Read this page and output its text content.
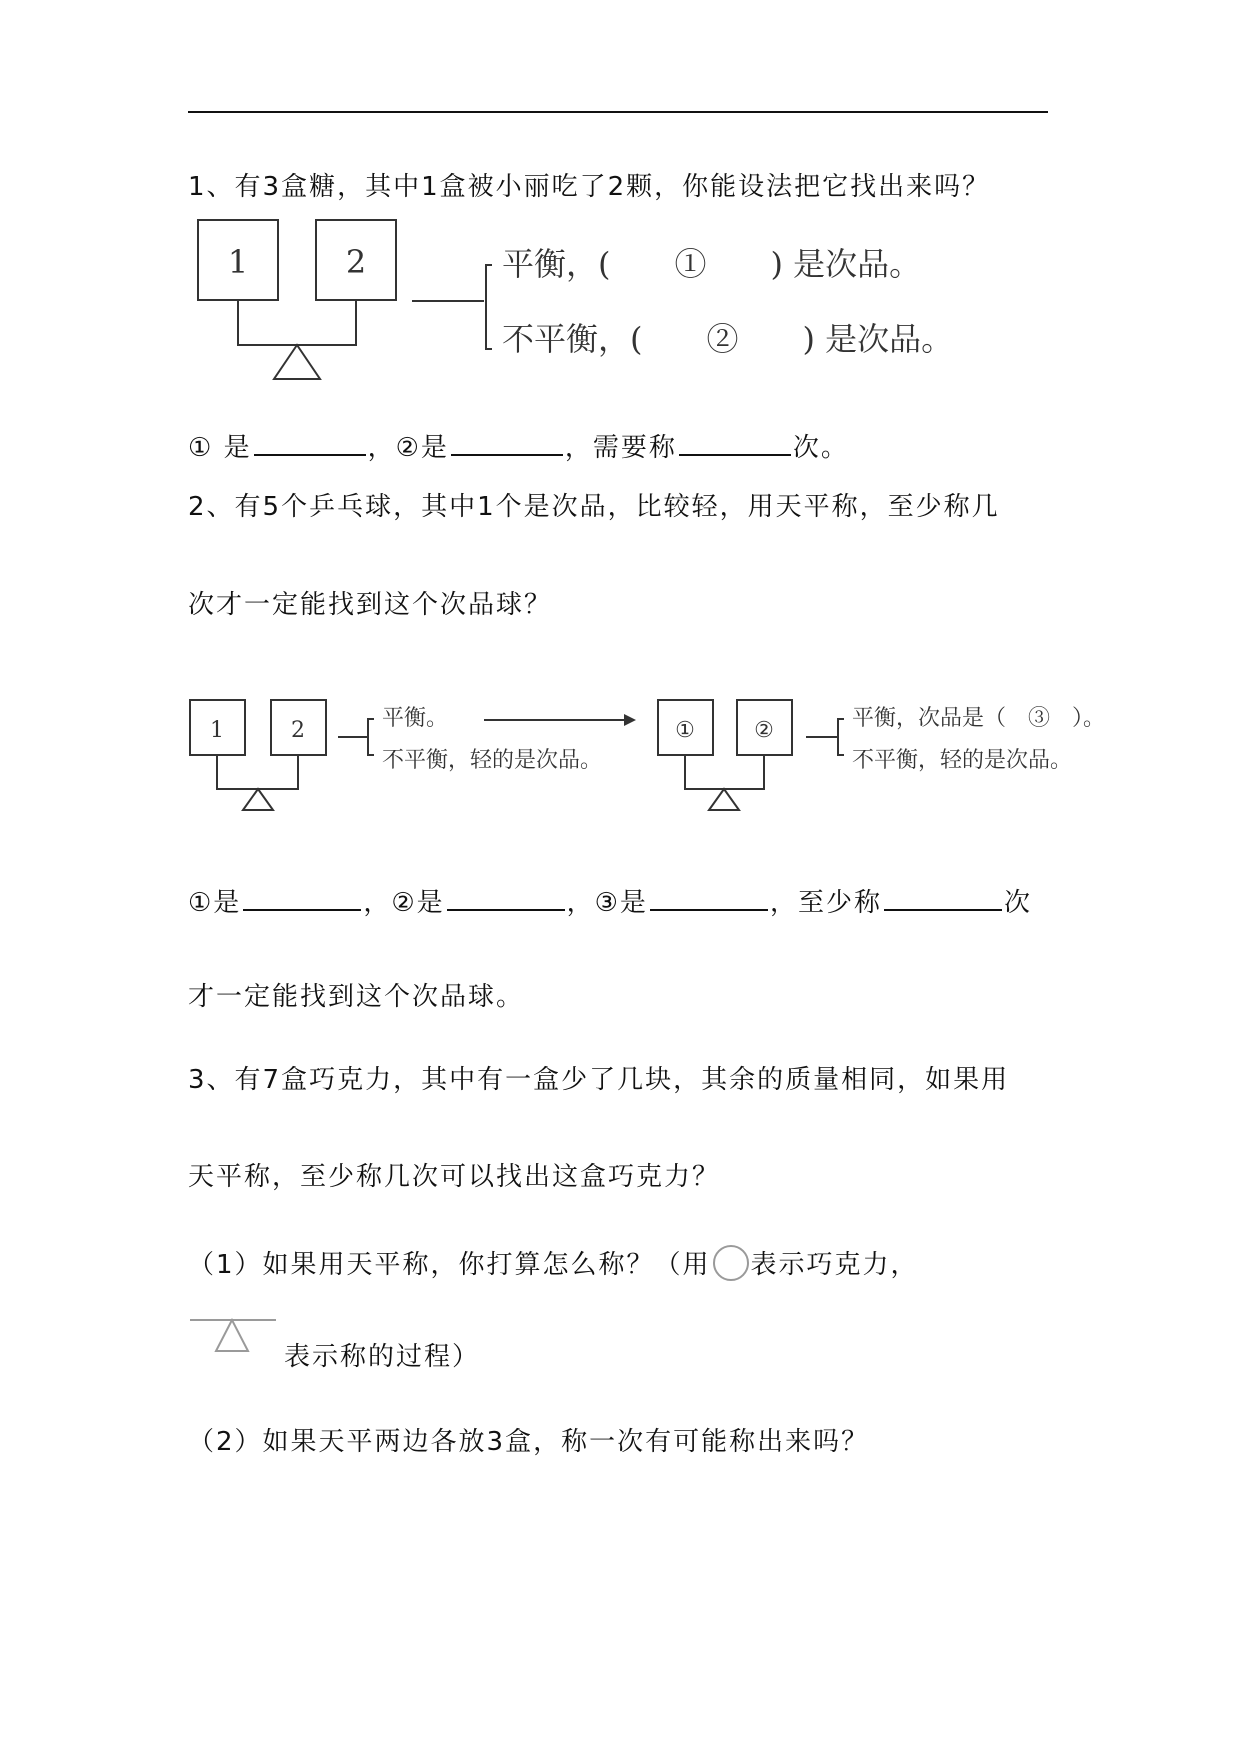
1、有3盒糖，其中1盒被小丽吃了2颗，你能设法把它找出来吗？
1	2	平衡，(　　①　　) 是次品。
不平衡，(　　②　　) 是次品。
① 是	，②是	，需要称	次。
2、有5个乒乓球，其中1个是次品，比较轻，用天平称，至少称几
次才一定能找到这个次品球？
1	2	平衡。
不平衡，轻的是次品。
①	②	平衡，次品是（　③　）。
不平衡，轻的是次品。
①是	，②是	，③是	，至少称	次
才一定能找到这个次品球。
3、有7盒巧克力，其中有一盒少了几块，其余的质量相同，如果用
天平称，至少称几次可以找出这盒巧克力？
（1）如果用天平称，你打算怎么称？（用 表示巧克力，
表示称的过程）
（2）如果天平两边各放3盒，称一次有可能称出来吗？
